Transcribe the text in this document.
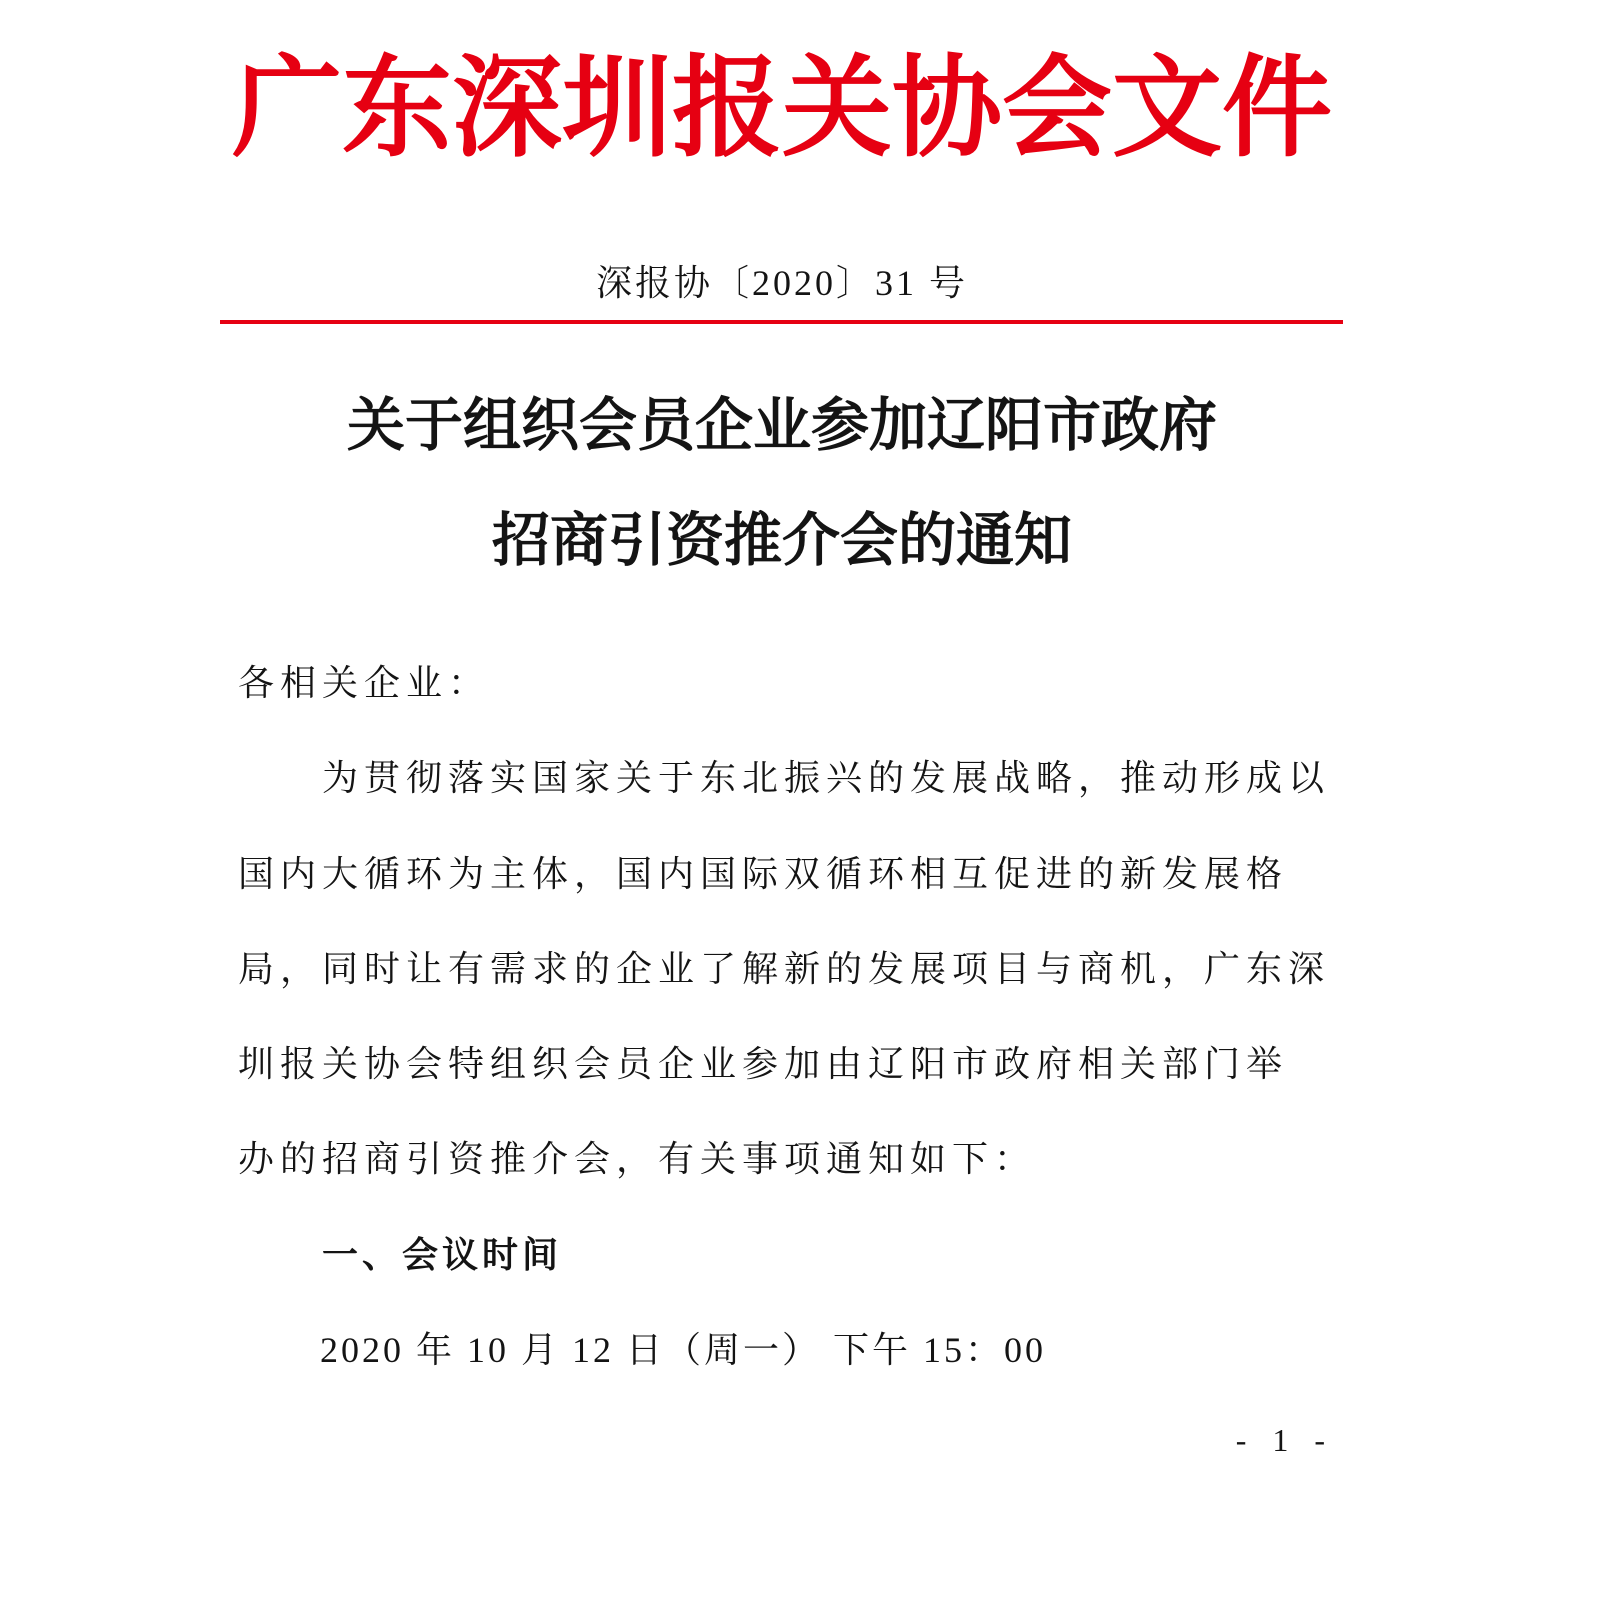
广东深圳报关协会文件
深报协〔2020〕31 号
关于组织会员企业参加辽阳市政府
招商引资推介会的通知
各相关企业：
为贯彻落实国家关于东北振兴的发展战略，推动形成以
国内大循环为主体，国内国际双循环相互促进的新发展格
局，同时让有需求的企业了解新的发展项目与商机，广东深
圳报关协会特组织会员企业参加由辽阳市政府相关部门举
办的招商引资推介会，有关事项通知如下：
一、会议时间
2020 年 10 月 12 日（周一） 下午 15：00
- 1 -
